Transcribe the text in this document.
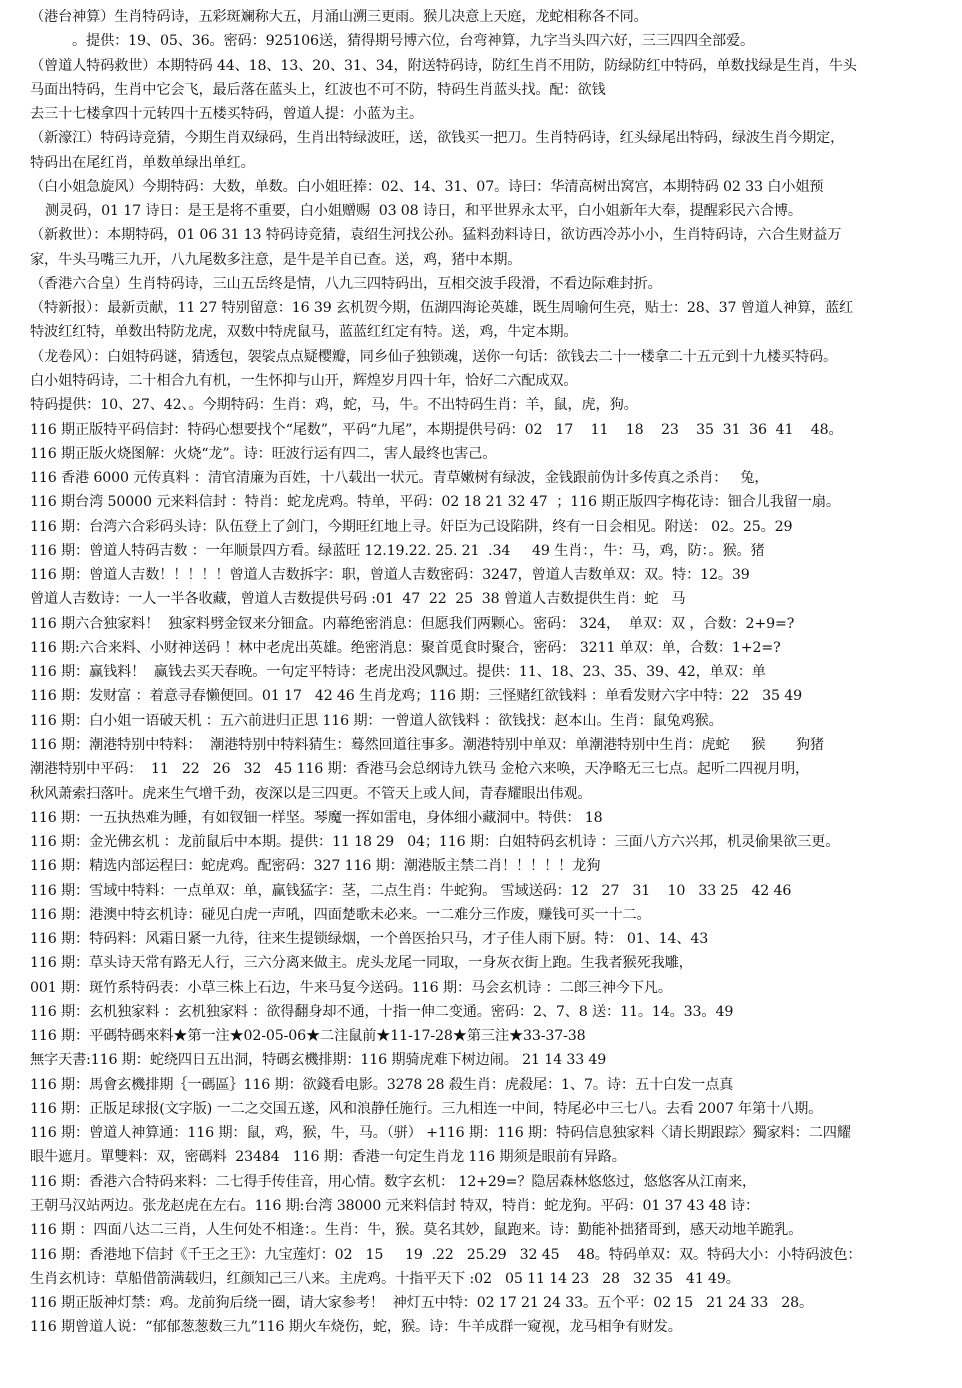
（港台神算）生肖特码诗，五彩斑斓称大五，月涌山溯三更雨。猴儿决意上天庭，龙蛇相称各不同。
。提供：19、05、36。密码：925106送，猜得期号博六位，台弯神算，九字当头四六好，三三四四全部爱。
（曾道人特码救世）本期特码 44、18、13、20、31、34，附送特码诗，防红生肖不用防，防绿防红中特码，单数找绿是生肖，牛头
马面出特码，生肖中它会飞，最后落在蓝头上，红波也不可不防，特码生肖蓝头找。配：欲钱
去三十七楼拿四十元转四十五楼买特码，曾道人提：小蓝为主。
（新濠江）特码诗竞猜，今期生肖双绿码，生肖出特绿波旺，送，欲钱买一把刀。生肖特码诗，红头绿尾出特码，绿波生肖今期定，
特码出在尾红肖，单数单绿出单红。
（白小姐急旋风）今期特码：大数，单数。白小姐旺捧：02、14、31、07。诗曰：华清高树出窝宫，本期特码 02 33 白小姐预
测灵码，01 17 诗日：是王是将不重要，白小姐赠赐  03 08 诗日，和平世界永太平，白小姐新年大奉，提醒彩民六合博。
（新救世）：本期特码，01 06 31 13 特码诗竞猜，袁绍生河找公孙。猛料劲料诗日，欲访西冷苏小小，生肖特码诗，六合生财益万
家，牛头马嘴三九开，八九尾数多注意，是牛是羊自已查。送，鸡，猪中本期。
（香港六合皇）生肖特码诗，三山五岳终是情，八九三四特码出，互相交波手段滑，不看边际难封折。
（特新报）：最新贡献，11 27 特别留意：16 39 玄机贺今期，伍湖四海论英雄，既生周喻何生亮，贴士：28、37 曾道人神算，蓝红
特波红红特，单数出特防龙虎，双数中特虎鼠马，蓝蓝红红定有特。送，鸡，牛定本期。
（龙卷风）：白姐特码谜，猜透包，袈裟点点疑樱瓣，同乡仙子独锁魂，送你一句话：欲钱去二十一楼拿二十五元到十九楼买特码。
白小姐特码诗，二十相合九有机，一生怀抑与山开，辉煌岁月四十年，恰好二六配成双。
特码提供：10、27、42、。今期特码：生肖：鸡，蛇，马，牛。不出特码生肖：羊，鼠，虎，狗。
116 期正版特平码信封：特码心想要找个“尾数”，平码“九尾”，本期提供号码：02   17    11    18    23    35  31  36  41    48。
116 期正版火烧图解：火烧“龙”。诗：旺波行运有四二，害人最终也害己。
116 香港 6000 元传真料 ：清官清廉为百姓，十八载出一状元。青草嫩树有绿波，金钱跟前伪计多传真之杀肖：   兔，
116 期台湾 50000 元来料信封 ：特肖：蛇龙虎鸡。特单，平码：02 18 21 32 47  ；116 期正版四字梅花诗：钿合儿我留一扇。
116 期：台湾六合彩码头诗：队伍登上了剑门，今期旺红地上寻。奸臣为己设陷阱，终有一日会相见。附送： 02。25。29
116 期：曾道人特码吉数 ：一年顺景四方看。绿蓝旺 12.19.22. 25. 21  .34     49 生肖：，牛：马，鸡，防：。猴。猪
116 期：曾道人吉数！！！！！曾道人吉数拆字：职，曾道人吉数密码：3247，曾道人吉数单双：双。特：12。39
曾道人吉数诗：一人一半各收藏，曾道人吉数提供号码 :01  47  22  25  38 曾道人吉数提供生肖：蛇   马
116 期六合独家料！  独家料劈金钗来分钿盒。内幕绝密消息：但愿我们两颗心。密码： 324，  单双：双 ，合数：2+9=?
116 期:六合来料、小财神送码 ！林中老虎出英雄。绝密消息：聚首觅食时聚合，密码： 3211 单双：单，合数：1+2=?
116 期：赢钱料！  赢钱去买天春晚。一句定平特诗：老虎出没风飘过。提供：11、18、23、35、39、42，单双：单
116 期：发财富 ：着意寻春懒便回。01 17   42 46 生肖龙鸡；116 期：三怪赌红欲钱料 ：单看发财六字中特：22   35 49
116 期：白小姐一语破天机 ：五六前进归正思 116 期：一曾道人欲钱料 ：欲钱找：赵本山。生肖：鼠兔鸡猴。
116 期：潮港特别中特料：  潮港特别中特料猜生：蓦然回道往事多。潮港特别中单双：单潮港特别中生肖：虎蛇     猴       狗猪
潮港特别中平码：  11   22   26   32   45 116 期：香港马会总纲诗九铁马 金枪六来唤，天净略无三七点。起听二四视月明，
秋风萧索扫落叶。虎来生气增千劲，夜深以是三四更。不管天上或人间，青春耀眼出伟观。
116 期：一五执热难为睡，有如钗钿一样坚。琴魔一挥如雷电，身体细小藏洞中。特供： 18
116 期：金光佛玄机 ：龙前鼠后中本期。提供：11 18 29   04；116 期：白姐特码玄机诗 ：三面八方六兴邦，机灵偷果欲三更。
116 期：精选内部运程曰：蛇虎鸡。配密码：327 116 期：潮港版主禁二肖！！！！！龙狗
116 期：雪域中特料：一点单双：单，赢钱猛字：茎，二点生肖：牛蛇狗。 雪域送码：12   27   31    10   33 25   42 46
116 期：港澳中特玄机诗：碰见白虎一声吼，四面楚歌未必来。一二难分三作废，赚钱可买一十二。
116 期：特码料：风霜日紧一九待，往来生提锁绿烟，一个兽医抬只马，才子佳人雨下厨。特： 01、14、43
116 期：草头诗天常有路无人行，三六分离来做主。虎头龙尾一同取，一身灰衣街上跑。生我者猴死我雕，
001 期：斑竹系特码表：小草三株上石边，牛来马复今送码。116 期：马会玄机诗 ：二郎三神今下凡。
116 期：玄机独家料 ：玄机独家料 ：欲得翻身却不通，十指一伸二变通。密码：2、7、8 送：11。14。33。49
116 期：平碼特碼來料★第一注★02-05-06★二注鼠前★11-17-28★第三注★33-37-38
無字天書:116 期：蛇绕四日五出洞，特碼玄機排期：116 期骑虎难下树边闹。 21 14 33 49
116 期：馬會玄機排期｛一碼區｝116 期：欲錢看电影。3278 28 殺生肖：虎殺尾：1、7。诗：五十白发一点真
116 期：正版足球报(文字版) 一二之交国五遂，风和浪静任施行。三九相连一中间，特尾必中三七八。去看 2007 年第十八期。
116 期：曾道人神算通：116 期：鼠，鸡，猴，牛，马。（骈） +116 期：116 期：特码信息独家料〈请长期跟踪〉獨家料：二四耀
眼牛遮月。單雙料：双，密碼料  23484   116 期：香港一句定生肖龙 116 期须是眼前有异路。
116 期：香港六合特码来料：二七得手传佳音，用心情。数字玄机： 12+29=？隐居森林悠悠过，悠悠客从江南来，
王朝马汉站两边。张龙赵虎在左右。116 期:台湾 38000 元来料信封 特双，特肖：蛇龙狗。平码：01 37 43 48 诗：
116 期 ：四面八达二三肖，人生何处不相逢：。生肖：牛，猴。莫名其妙，鼠跑来。诗：勤能补拙猪哥到，感天动地羊跪乳。
116 期：香港地下信封《千王之王》：九宝莲灯：02   15     19  .22   25.29   32 45    48。特码单双：双。特码大小：小特码波色：
生肖玄机诗：草船借箭满载归，红颜知己三八来。主虎鸡。十指平天下 :02   05 11 14 23   28   32 35   41 49。
116 期正版神灯禁：鸡。龙前狗后绕一圈，请大家参考！  神灯五中特：02 17 21 24 33。五个平：02 15   21 24 33   28。
116 期曾道人说：“郁郁葱葱数三九”116 期火车烧伤，蛇，猴。诗：牛羊成群一窥视，龙马相争有财发。
